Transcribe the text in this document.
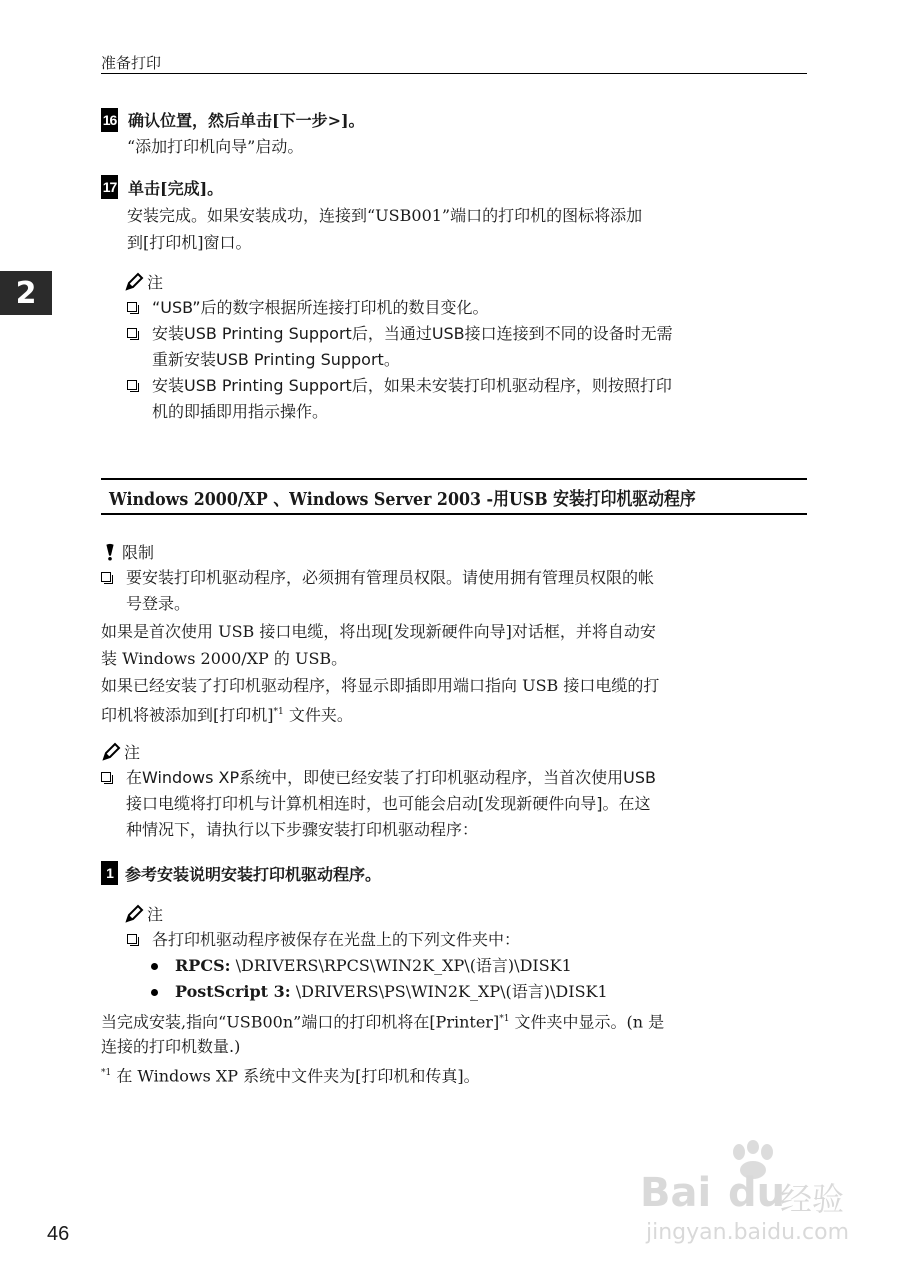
准备打印
2
16 确认位置，然后单击[下一步>]。
“添加打印机向导”启动。
17 单击[完成]。
安装完成。如果安装成功，连接到“USB001”端口的打印机的图标将添加
到[打印机]窗口。
注
“USB”后的数字根据所连接打印机的数目变化。
安装USB Printing Support后，当通过USB接口连接到不同的设备时无需
重新安装USB Printing Support。
安装USB Printing Support后，如果未安装打印机驱动程序，则按照打印
机的即插即用指示操作。
Windows 2000/XP 、Windows Server 2003 -用USB 安装打印机驱动程序
限制
要安装打印机驱动程序，必须拥有管理员权限。请使用拥有管理员权限的帐
号登录。
如果是首次使用 USB 接口电缆，将出现[发现新硬件向导]对话框，并将自动安
装 Windows 2000/XP 的 USB。
如果已经安装了打印机驱动程序，将显示即插即用端口指向 USB 接口电缆的打
印机将被添加到[打印机]$^{*1}$ 文件夹。
注
在Windows XP系统中，即使已经安装了打印机驱动程序，当首次使用USB
接口电缆将打印机与计算机相连时，也可能会启动[发现新硬件向导]。在这
种情况下，请执行以下步骤安装打印机驱动程序：
1 参考安装说明安装打印机驱动程序。
注
各打印机驱动程序被保存在光盘上的下列文件夹中：
RPCS: \DRIVERS\RPCS\WIN2K_XP\(语言)\DISK1
PostScript 3: \DRIVERS\PS\WIN2K_XP\(语言)\DISK1
当完成安装,指向“USB00n”端口的打印机将在[Printer]$^{*1}$ 文件夹中显示。(n 是
连接的打印机数量.)
$^{*1}$ 在 Windows XP 系统中文件夹为[打印机和传真]。
46
Bai du
经验
jingyan.baidu.com
